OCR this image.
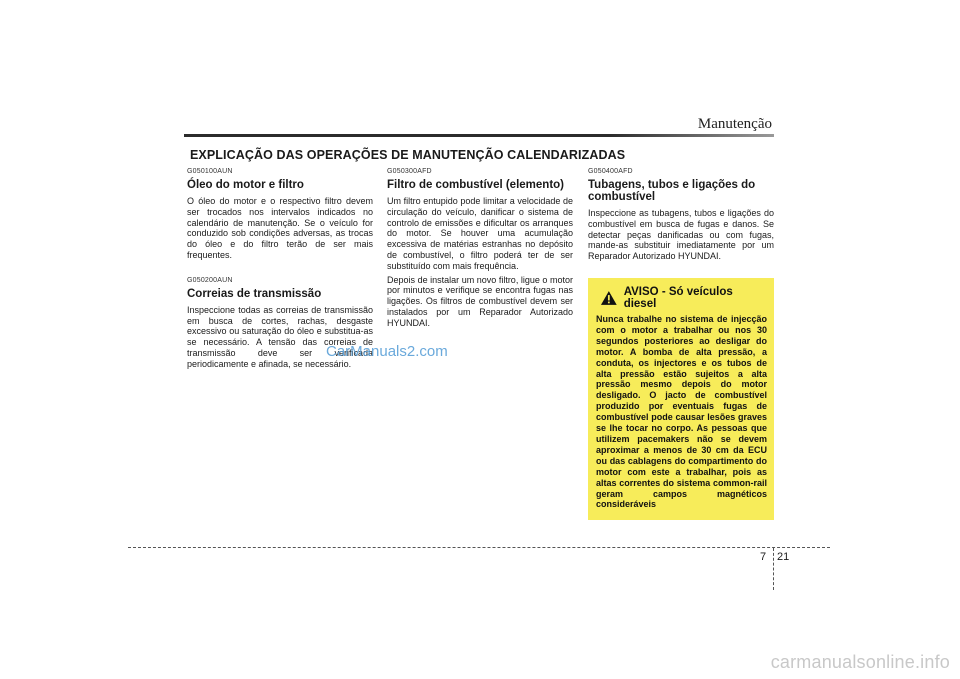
Manutenção
EXPLICAÇÃO DAS OPERAÇÕES DE MANUTENÇÃO CALENDARIZADAS
G050100AUN
Óleo do motor e filtro

O óleo do motor e o respectivo filtro devem ser trocados nos intervalos indicados no calendário de manutenção. Se o veículo for conduzido sob condições adversas, as trocas do óleo e do filtro terão de ser mais frequentes.

G050200AUN
Correias de transmissão

Inspeccione todas as correias de transmissão em busca de cortes, rachas, desgaste excessivo ou saturação do óleo e substitua-as se necessário. A tensão das correias de transmissão deve ser verificada periodicamente e afinada, se necessário.

G050300AFD
Filtro de combustível (elemento)

Um filtro entupido pode limitar a velocidade de circulação do veículo, danificar o sistema de controlo de emissões e dificultar os arranques do motor. Se houver uma acumulação excessiva de matérias estranhas no depósito de combustível, o filtro poderá ter de ser substituído com mais frequência.

Depois de instalar um novo filtro, ligue o motor por minutos e verifique se encontra fugas nas ligações. Os filtros de combustível devem ser instalados por um Reparador Autorizado HYUNDAI.

G050400AFD
Tubagens, tubos e ligações do combustível

Inspeccione as tubagens, tubos e ligações do combustível em busca de fugas e danos. Se detectar peças danificadas ou com fugas, mande-as substituir imediatamente por um Reparador Autorizado HYUNDAI.

AVISO - Só veículos diesel

Nunca trabalhe no sistema de injecção com o motor a trabalhar ou nos 30 segundos posteriores ao desligar do motor. A bomba de alta pressão, a conduta, os injectores e os tubos de alta pressão estão sujeitos a alta pressão mesmo depois do motor desligado. O jacto de combustível produzido por eventuais fugas de combustível pode causar lesões graves se lhe tocar no corpo. As pessoas que utilizem pacemakers não se devem aproximar a menos de 30 cm da ECU ou das cablagens do compartimento do motor com este a trabalhar, pois as altas correntes do sistema common-rail geram campos magnéticos consideráveis

7 21
CarManuals2.com
carmanualsonline.info
